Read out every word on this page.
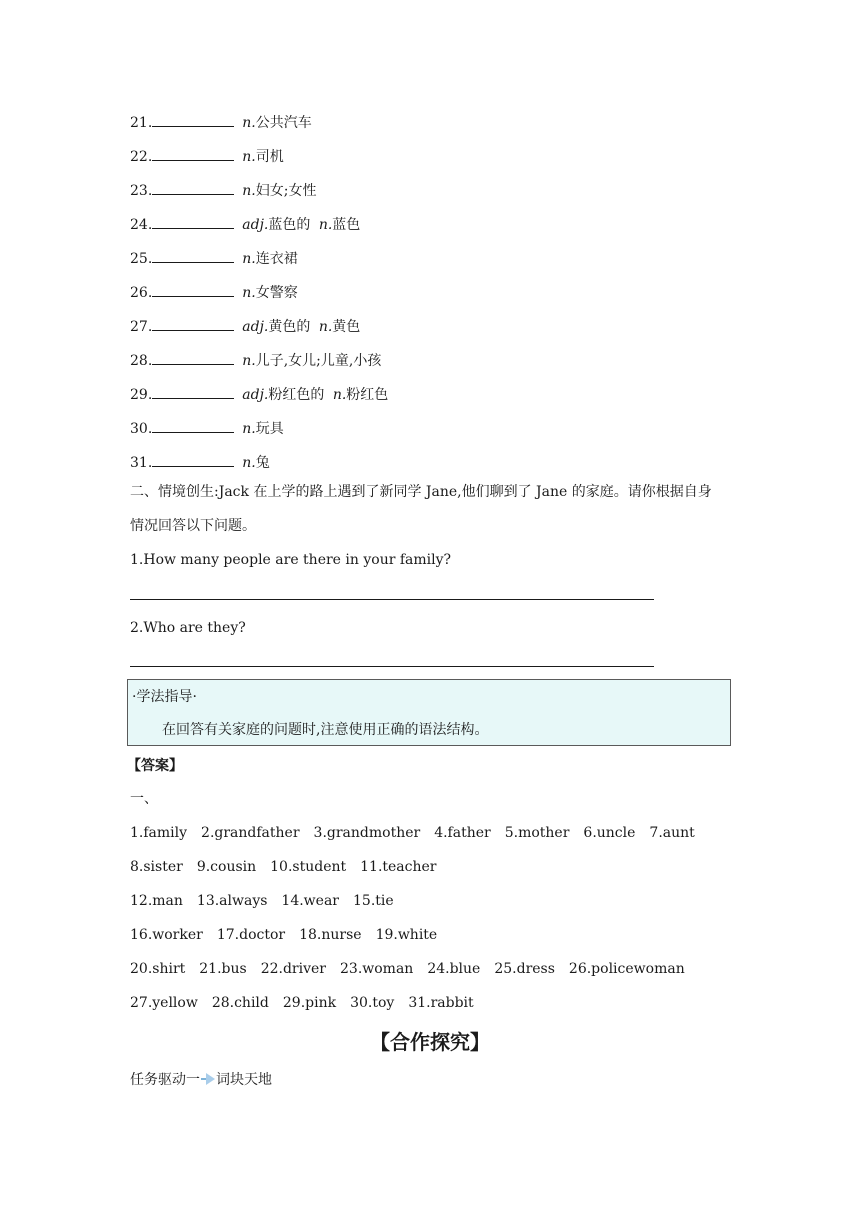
21.	n.公共汽车
22.	n.司机
23.	n.妇女;女性
24.	adj.蓝色的 n.蓝色
25.	n.连衣裙
26.	n.女警察
27.	adj.黄色的 n.黄色
28.	n.儿子,女儿;儿童,小孩
29.	adj.粉红色的 n.粉红色
30.	n.玩具
31.	n.兔
二、情境创生:Jack 在上学的路上遇到了新同学 Jane,他们聊到了 Jane 的家庭。请你根据自身
情况回答以下问题。
1.How many people are there in your family?
2.Who are they?
·学法指导·
在回答有关家庭的问题时,注意使用正确的语法结构。
【答案】
一、
1.family 2.grandfather 3.grandmother 4.father 5.mother 6.uncle 7.aunt
8.sister 9.cousin 10.student 11.teacher
12.man 13.always 14.wear 15.tie
16.worker 17.doctor 18.nurse 19.white
20.shirt 21.bus 22.driver 23.woman 24.blue 25.dress 26.policewoman
27.yellow 28.child 29.pink 30.toy 31.rabbit
【合作探究】
任务驱动一 词块天地
